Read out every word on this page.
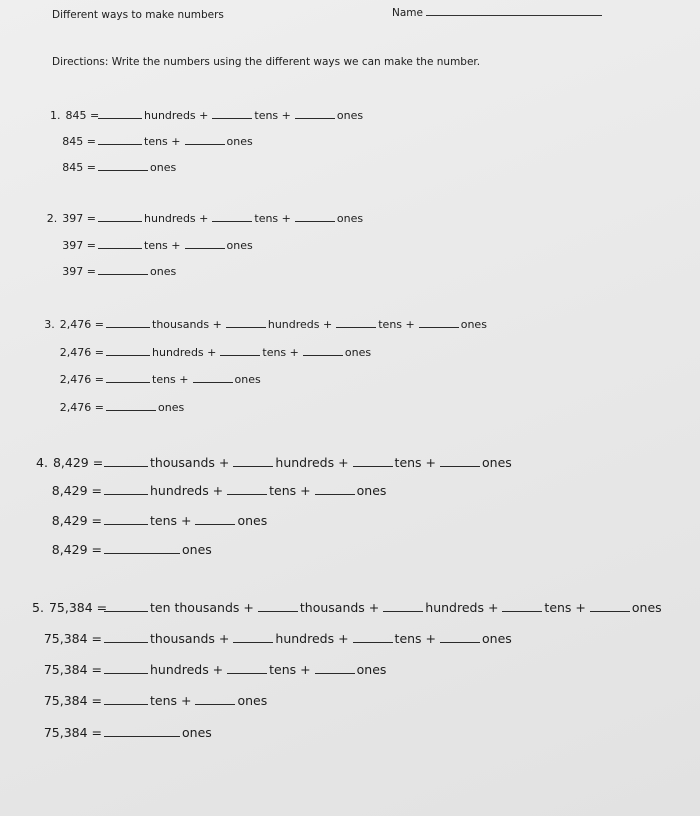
Different ways to make numbers	Name
Directions: Write the numbers using the different ways we can make the number.
1. 845 =	hundreds +	tens +	ones
845 =	tens +	ones
845 =	ones
2. 397 =	hundreds +	tens +	ones
397 =	tens +	ones
397 =	ones
3. 2,476 =	thousands +	hundreds +	tens +	ones
2,476 =	hundreds +	tens +	ones
2,476 =	tens +	ones
2,476 =	ones
4. 8,429 =	thousands +	hundreds +	tens +	ones
8,429 =	hundreds +	tens +	ones
8,429 =	tens +	ones
8,429 =	ones
5. 75,384 =	ten thousands +	thousands +	hundreds +	tens +	ones
75,384 =	thousands +	hundreds +	tens +	ones
75,384 =	hundreds +	tens +	ones
75,384 =	tens +	ones
75,384 =	ones
